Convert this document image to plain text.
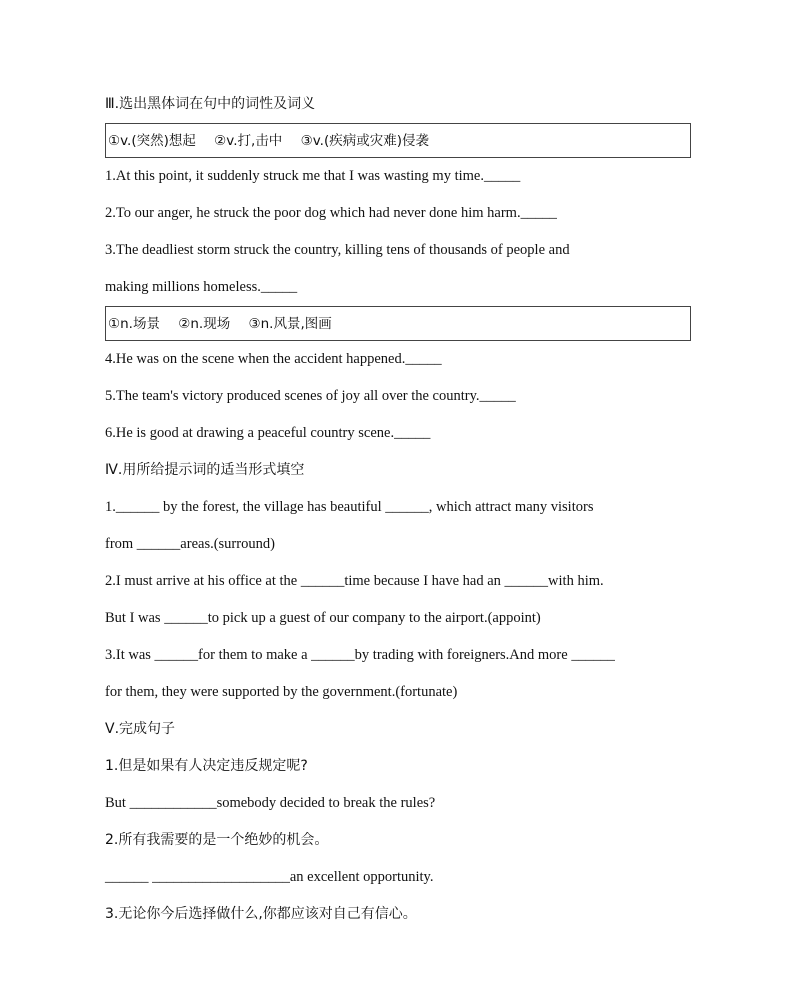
Ⅲ.选出黑体词在句中的词性及词义
①v.(突然)想起 ②v.打,击中 ③v.(疾病或灾难)侵袭
1.At this point, it suddenly struck me that I was wasting my time._____
2.To our anger, he struck the poor dog which had never done him harm._____
3.The deadliest storm struck the country, killing tens of thousands of people and
making millions homeless._____
①n.场景 ②n.现场 ③n.风景,图画
4.He was on the scene when the accident happened._____
5.The team's victory produced scenes of joy all over the country._____
6.He is good at drawing a peaceful country scene._____
Ⅳ.用所给提示词的适当形式填空
1.______ by the forest, the village has beautiful ______, which attract many visitors
from ______areas.(surround)
2.I must arrive at his office at the ______time because I have had an ______with him.
But I was ______to pick up a guest of our company to the airport.(appoint)
3.It was ______for them to make a ______by trading with foreigners.And more ______
for them, they were supported by the government.(fortunate)
Ⅴ.完成句子
1.但是如果有人决定违反规定呢?
But ____________somebody decided to break the rules?
2.所有我需要的是一个绝妙的机会。
______ ___________________an excellent opportunity.
3.无论你今后选择做什么,你都应该对自己有信心。
